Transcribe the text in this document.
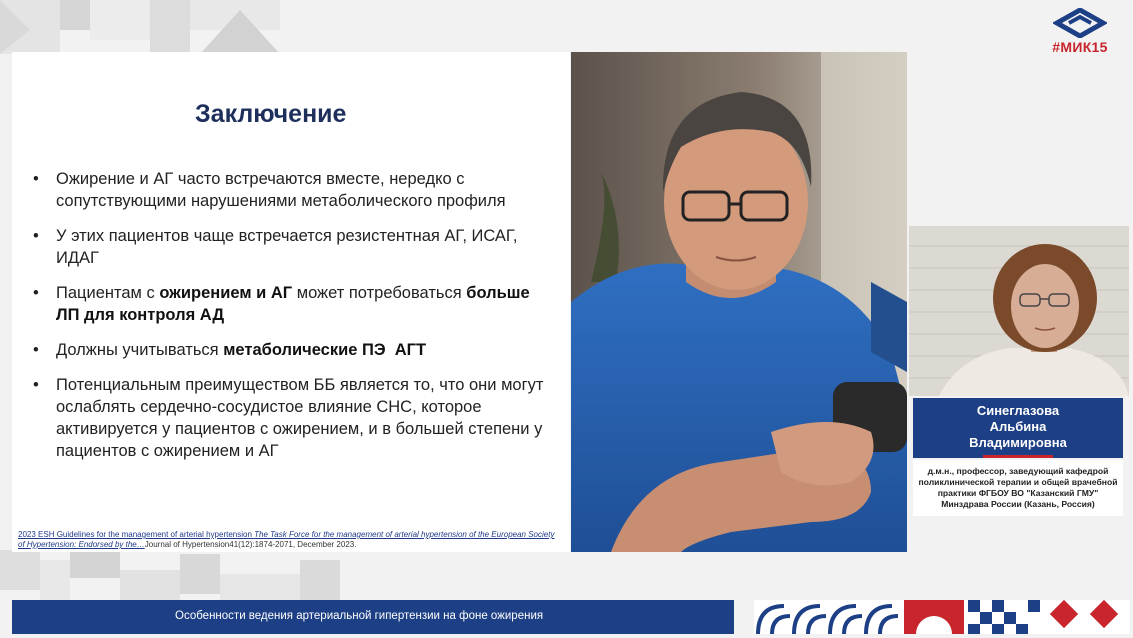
#МИК15
Заключение
• Ожирение и АГ часто встречаются вместе, нередко с сопутствующими нарушениями метаболического профиля
• У этих пациентов чаще встречается резистентная АГ, ИСАГ, ИДАГ
• Пациентам с ожирением и АГ может потребоваться больше ЛП для контроля АД
• Должны учитываться метаболические ПЭ  АГТ
• Потенциальным преимуществом ББ является то, что они могут ослаблять сердечно-сосудистое влияние СНС, которое активируется у пациентов с ожирением, и в большей степени у пациентов с ожирением и АГ
2023 ESH Guidelines for the management of arterial hypertension The Task Force for the management of arterial hypertension of the European Society of Hypertension: Endorsed by the…Journal of Hypertension41(12):1874-2071, December 2023.
Синеглазова
Альбина
Владимировна
д.м.н., профессор, заведующий кафедрой поликлинической терапии и общей врачебной практики ФГБОУ ВО "Казанский ГМУ" Минздрава России (Казань, Россия)
Особенности ведения артериальной гипертензии на фоне ожирения
